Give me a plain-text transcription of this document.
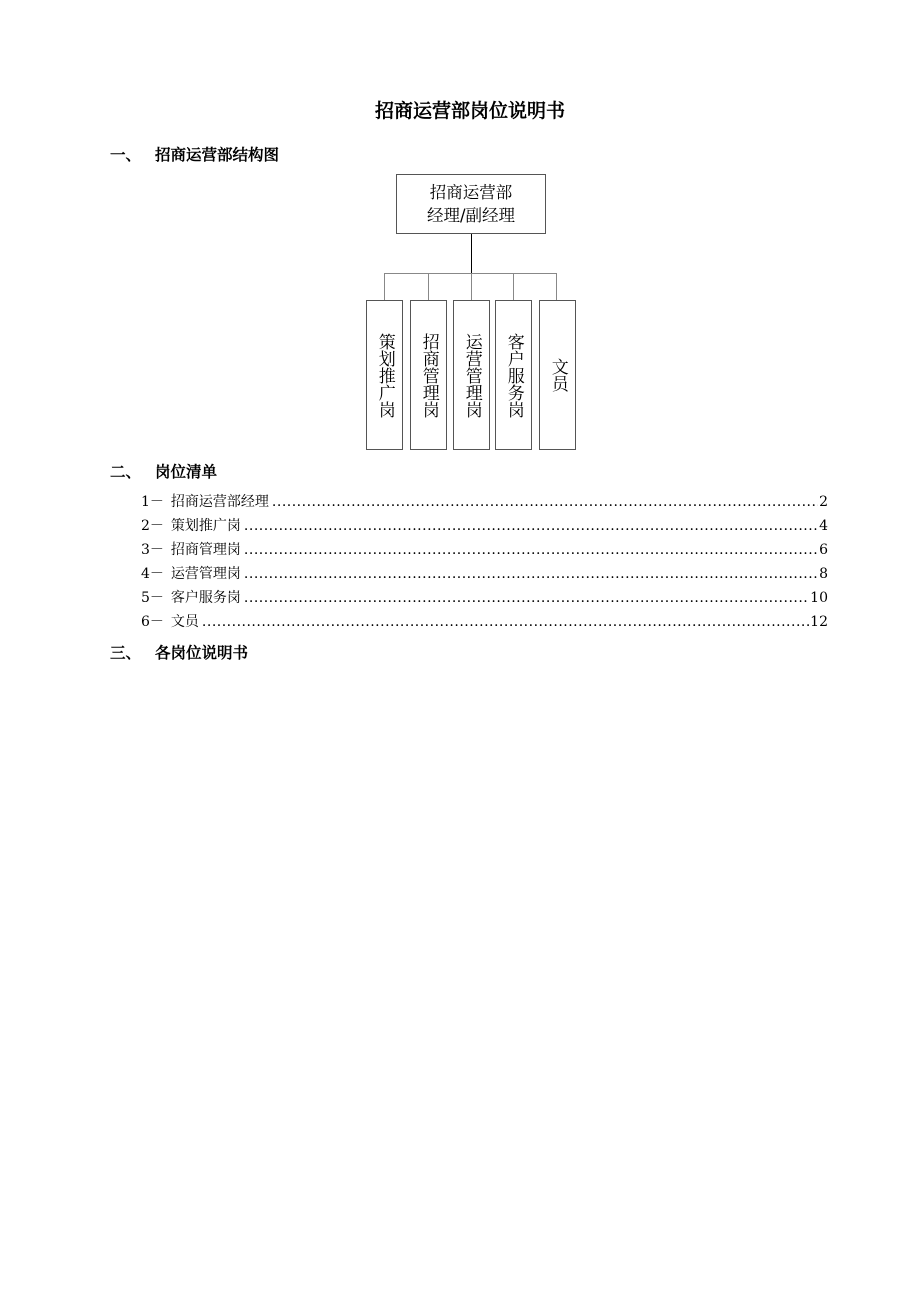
招商运营部岗位说明书
一、 招商运营部结构图
招商运营部
经理/副经理
策划推广岗 招商管理岗 运营管理岗 客户服务岗 文员
二、 岗位清单
1－ 招商运营部经理 .....	2
2－ 策划推广岗 .....	4
3－ 招商管理岗 .....	6
4－ 运营管理岗 .....	8
5－ 客户服务岗 .....	10
6－ 文员 .....	12
三、 各岗位说明书
